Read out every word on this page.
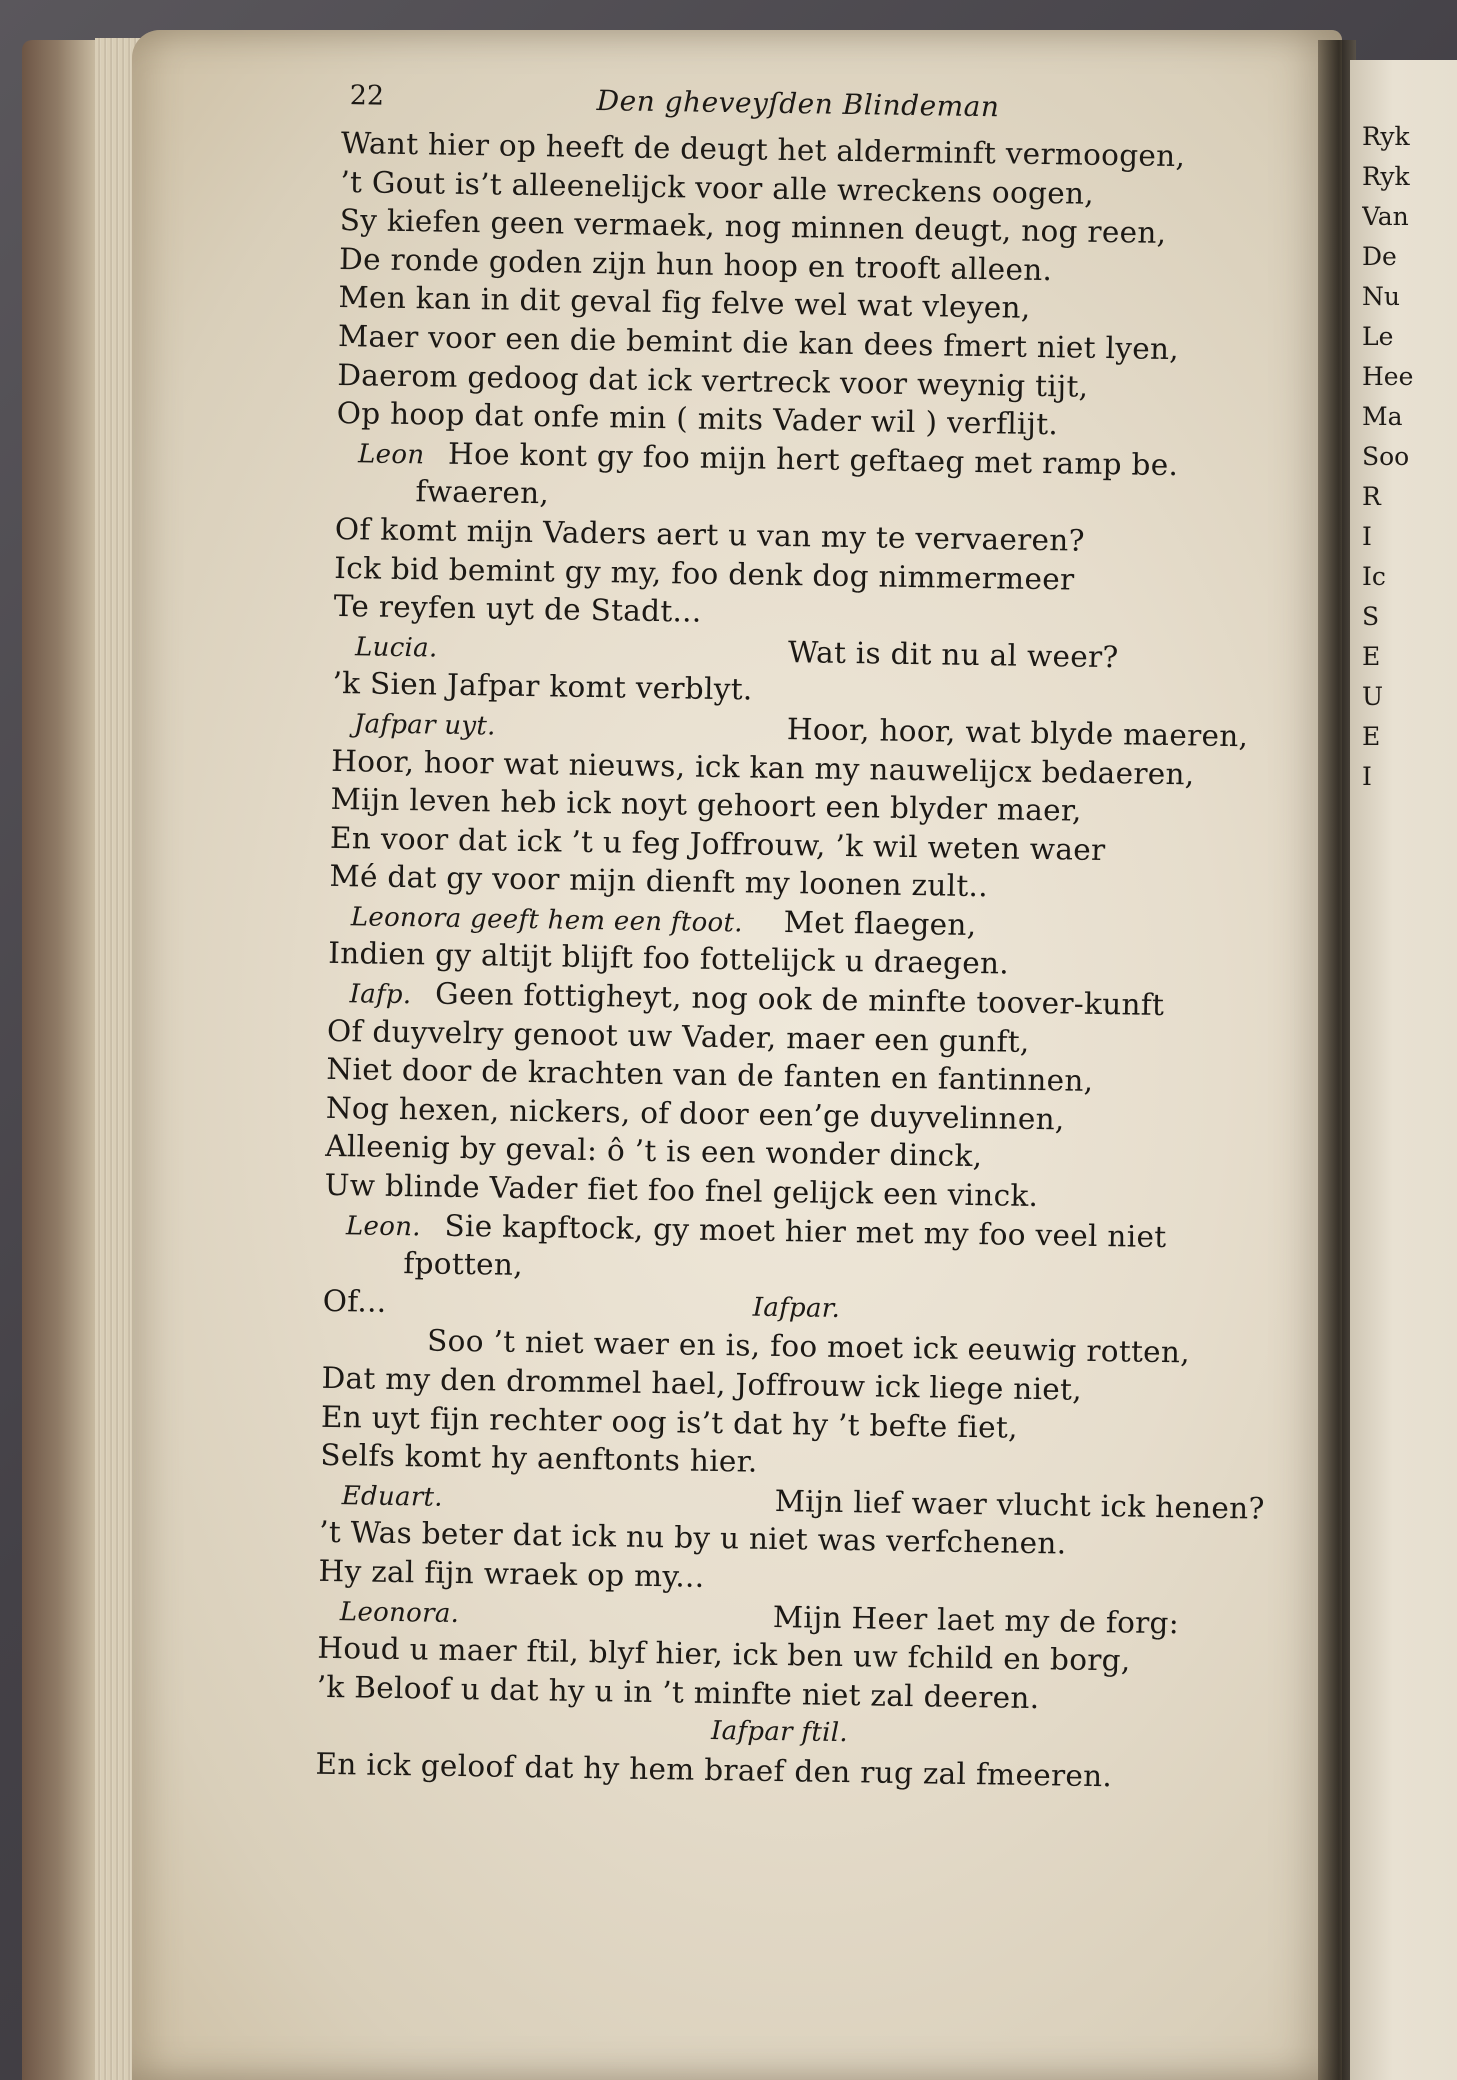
Ryk
Ryk
Van
De
Nu
Le
Hee
Ma
Soo
R
I
Ic
S
E
U
E
I
22	Den gheveyſden Blindeman
Want hier op heeft de deugt het alderminft vermoogen,
’t Gout is’t alleenelijck voor alle wreckens oogen,
Sy kiefen geen vermaek, nog minnen deugt, nog reen,
De ronde goden zijn hun hoop en trooft alleen.
Men kan in dit geval fig felve wel wat vleyen,
Maer voor een die bemint die kan dees fmert niet lyen,
Daerom gedoog dat ick vertreck voor weynig tijt,
Op hoop dat onfe min ( mits Vader wil ) verflijt.
Leon Hoe kont gy foo mijn hert geftaeg met ramp be.
fwaeren,
Of komt mijn Vaders aert u van my te vervaeren?
Ick bid bemint gy my, foo denk dog nimmermeer
Te reyfen uyt de Stadt...
Lucia.	Wat is dit nu al weer?
’k Sien Jafpar komt verblyt.
Jafpar uyt.	Hoor, hoor, wat blyde maeren,
Hoor, hoor wat nieuws, ick kan my nauwelijcx bedaeren,
Mijn leven heb ick noyt gehoort een blyder maer,
En voor dat ick ’t u feg Joffrouw, ’k wil weten waer
Mé dat gy voor mijn dienft my loonen zult..
Leonora geeft hem een ftoot. Met flaegen,
Indien gy altijt blijft foo fottelijck u draegen.
Iafp. Geen fottigheyt, nog ook de minfte toover-kunft
Of duyvelry genoot uw Vader, maer een gunft,
Niet door de krachten van de fanten en fantinnen,
Nog hexen, nickers, of door een’ge duyvelinnen,
Alleenig by geval: ô ’t is een wonder dinck,
Uw blinde Vader fiet foo fnel gelijck een vinck.
Leon. Sie kapftock, gy moet hier met my foo veel niet
fpotten,
Of...	Iafpar.
Soo ’t niet waer en is, foo moet ick eeuwig rotten,
Dat my den drommel hael, Joffrouw ick liege niet,
En uyt fijn rechter oog is’t dat hy ’t befte fiet,
Selfs komt hy aenftonts hier.
Eduart.	Mijn lief waer vlucht ick henen?
’t Was beter dat ick nu by u niet was verfchenen.
Hy zal fijn wraek op my...
Leonora.	Mijn Heer laet my de forg:
Houd u maer ftil, blyf hier, ick ben uw fchild en borg,
’k Beloof u dat hy u in ’t minfte niet zal deeren.
Iafpar ftil.
En ick geloof dat hy hem braef den rug zal fmeeren.
